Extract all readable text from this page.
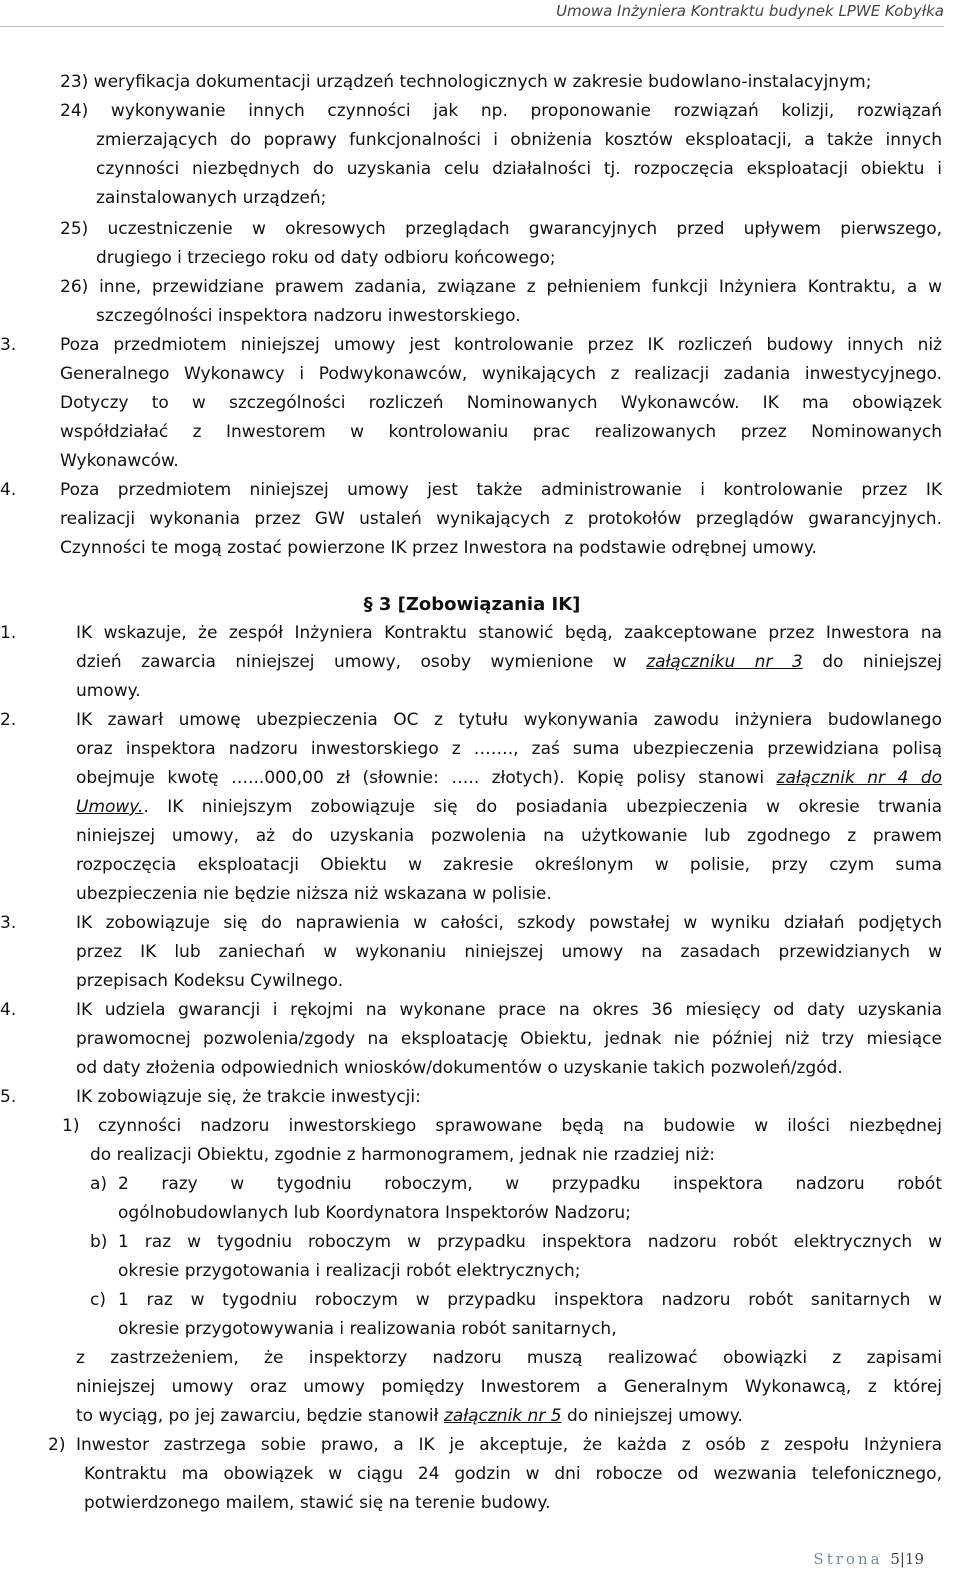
Umowa Inżyniera Kontraktu budynek LPWE Kobyłka
23) weryfikacja dokumentacji urządzeń technologicznych w zakresie budowlano-instalacyjnym;
24) wykonywanie innych czynności jak np. proponowanie rozwiązań kolizji, rozwiązań
zmierzających do poprawy funkcjonalności i obniżenia kosztów eksploatacji, a także innych
czynności niezbędnych do uzyskania celu działalności tj. rozpoczęcia eksploatacji obiektu i
zainstalowanych urządzeń;
25) uczestniczenie w okresowych przeglądach gwarancyjnych przed upływem pierwszego,
drugiego i trzeciego roku od daty odbioru końcowego;
26) inne, przewidziane prawem zadania, związane z pełnieniem funkcji Inżyniera Kontraktu, a w
szczególności inspektora nadzoru inwestorskiego.
3.	Poza przedmiotem niniejszej umowy jest kontrolowanie przez IK rozliczeń budowy innych niż
Generalnego Wykonawcy i Podwykonawców, wynikających z realizacji zadania inwestycyjnego.
Dotyczy to w szczególności rozliczeń Nominowanych Wykonawców. IK ma obowiązek
współdziałać z Inwestorem w kontrolowaniu prac realizowanych przez Nominowanych
Wykonawców.
4.	Poza przedmiotem niniejszej umowy jest także administrowanie i kontrolowanie przez IK
realizacji wykonania przez GW ustaleń wynikających z protokołów przeglądów gwarancyjnych.
Czynności te mogą zostać powierzone IK przez Inwestora na podstawie odrębnej umowy.
§ 3 [Zobowiązania IK]
1.	IK wskazuje, że zespół Inżyniera Kontraktu stanowić będą, zaakceptowane przez Inwestora na
dzień zawarcia niniejszej umowy, osoby wymienione w załączniku nr 3 do niniejszej
umowy.
2.	IK zawarł umowę ubezpieczenia OC z tytułu wykonywania zawodu inżyniera budowlanego
oraz inspektora nadzoru inwestorskiego z ……., zaś suma ubezpieczenia przewidziana polisą
obejmuje kwotę …...000,00 zł (słownie: ….. złotych). Kopię polisy stanowi załącznik nr 4 do
Umowy.. IK niniejszym zobowiązuje się do posiadania ubezpieczenia w okresie trwania
niniejszej umowy, aż do uzyskania pozwolenia na użytkowanie lub zgodnego z prawem
rozpoczęcia eksploatacji Obiektu w zakresie określonym w polisie, przy czym suma
ubezpieczenia nie będzie niższa niż wskazana w polisie.
3.	IK zobowiązuje się do naprawienia w całości, szkody powstałej w wyniku działań podjętych
przez IK lub zaniechań w wykonaniu niniejszej umowy na zasadach przewidzianych w
przepisach Kodeksu Cywilnego.
4.	IK udziela gwarancji i rękojmi na wykonane prace na okres 36 miesięcy od daty uzyskania
prawomocnej pozwolenia/zgody na eksploatację Obiektu, jednak nie później niż trzy miesiące
od daty złożenia odpowiednich wniosków/dokumentów o uzyskanie takich pozwoleń/zgód.
5.	IK zobowiązuje się, że trakcie inwestycji:
1) czynności nadzoru inwestorskiego sprawowane będą na budowie w ilości niezbędnej
do realizacji Obiektu, zgodnie z harmonogramem, jednak nie rzadziej niż:
a) 2 razy w tygodniu roboczym, w przypadku inspektora nadzoru robót
ogólnobudowlanych lub Koordynatora Inspektorów Nadzoru;
b) 1 raz w tygodniu roboczym w przypadku inspektora nadzoru robót elektrycznych w
okresie przygotowania i realizacji robót elektrycznych;
c) 1 raz w tygodniu roboczym w przypadku inspektora nadzoru robót sanitarnych w
okresie przygotowywania i realizowania robót sanitarnych,
z zastrzeżeniem, że inspektorzy nadzoru muszą realizować obowiązki z zapisami
niniejszej umowy oraz umowy pomiędzy Inwestorem a Generalnym Wykonawcą, z której
to wyciąg, po jej zawarciu, będzie stanowił załącznik nr 5 do niniejszej umowy.
2) Inwestor zastrzega sobie prawo, a IK je akceptuje, że każda z osób z zespołu Inżyniera
Kontraktu ma obowiązek w ciągu 24 godzin w dni robocze od wezwania telefonicznego,
potwierdzonego mailem, stawić się na terenie budowy.
Strona 5|19
